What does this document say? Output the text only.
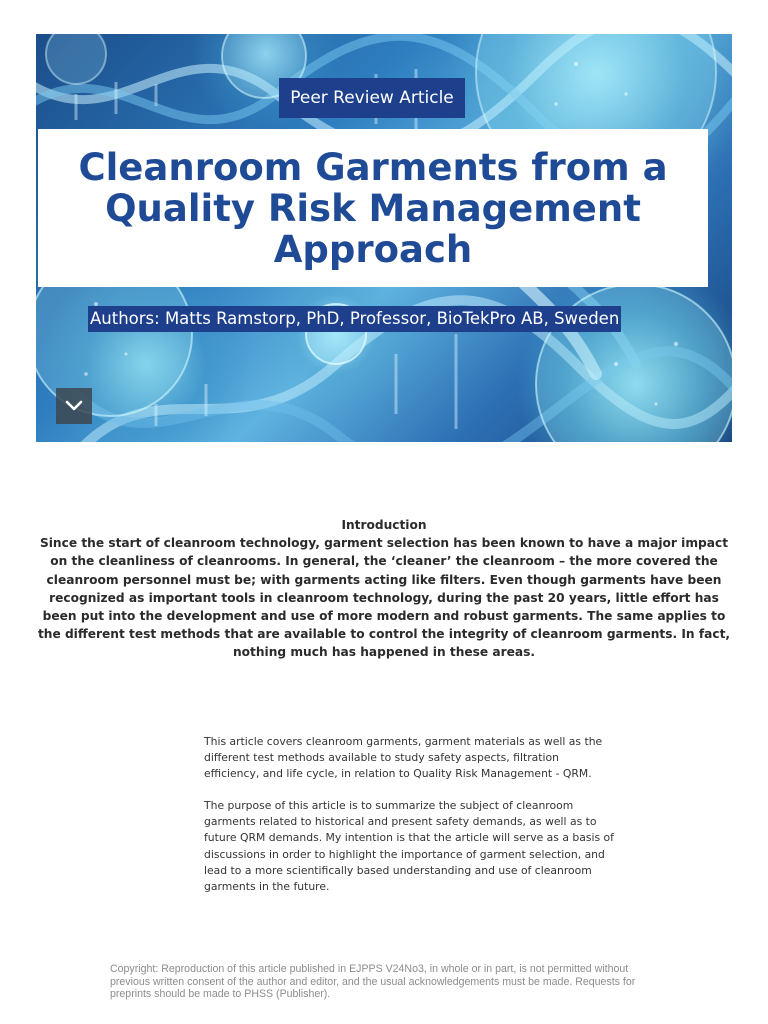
Peer Review Article
Cleanroom Garments from a Quality Risk Management Approach
Authors: Matts Ramstorp, PhD, Professor, BioTekPro AB, Sweden

Introduction

Since the start of cleanroom technology, garment selection has been known to have a major impact on the cleanliness of cleanrooms. In general, the ‘cleaner’ the cleanroom – the more covered the cleanroom personnel must be; with garments acting like filters. Even though garments have been recognized as important tools in cleanroom technology, during the past 20 years, little effort has been put into the development and use of more modern and robust garments. The same applies to the different test methods that are available to control the integrity of cleanroom garments. In fact, nothing much has happened in these areas.

This article covers cleanroom garments, garment materials as well as the different test methods available to study safety aspects, filtration efficiency, and life cycle, in relation to Quality Risk Management - QRM.

The purpose of this article is to summarize the subject of cleanroom garments related to historical and present safety demands, as well as to future QRM demands. My intention is that the article will serve as a basis of discussions in order to highlight the importance of garment selection, and lead to a more scientifically based understanding and use of cleanroom garments in the future.

Copyright: Reproduction of this article published in EJPPS V24No3, in whole or in part, is not permitted without previous written consent of the author and editor, and the usual acknowledgements must be made. Requests for preprints should be made to PHSS (Publisher).
